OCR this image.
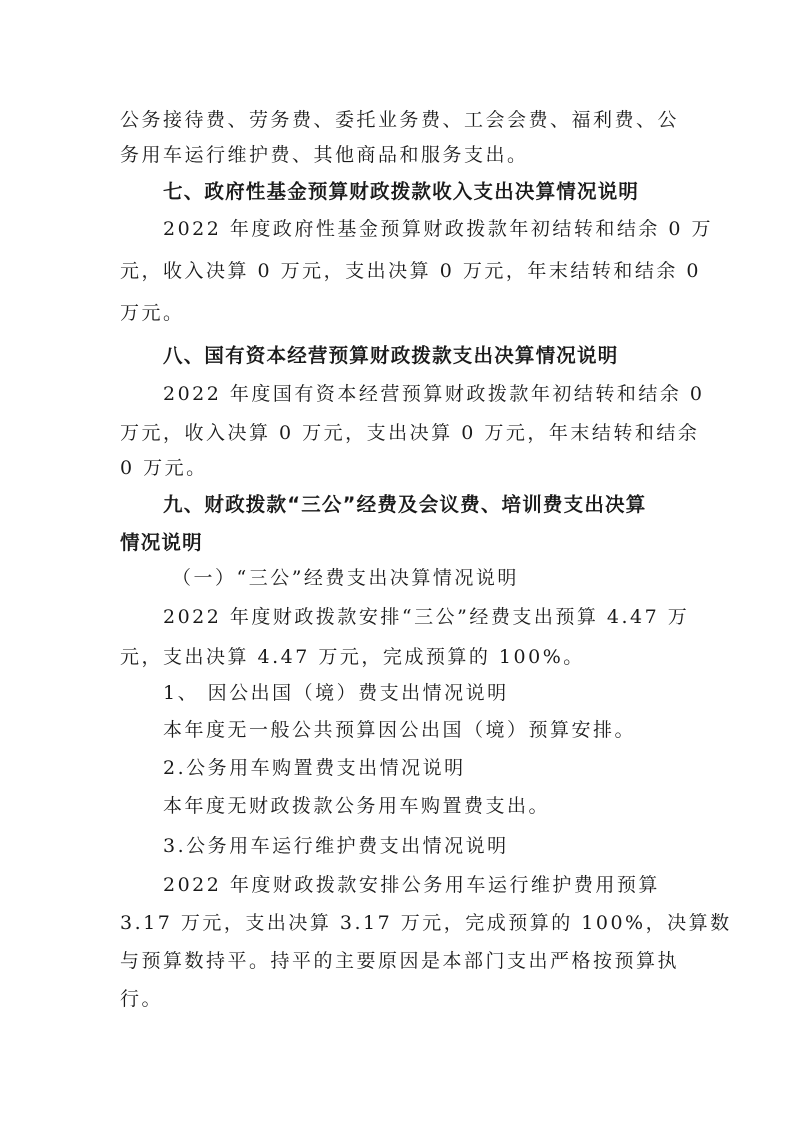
公务接待费、劳务费、委托业务费、工会会费、福利费、公
务用车运行维护费、其他商品和服务支出。
七、政府性基金预算财政拨款收入支出决算情况说明
2022 年度政府性基金预算财政拨款年初结转和结余 0 万
元，收入决算 0 万元，支出决算 0 万元，年末结转和结余 0
万元。
八、国有资本经营预算财政拨款支出决算情况说明
2022 年度国有资本经营预算财政拨款年初结转和结余 0
万元，收入决算 0 万元，支出决算 0 万元，年末结转和结余
0 万元。
九、财政拨款“三公”经费及会议费、培训费支出决算
情况说明
（一）“三公”经费支出决算情况说明
2022 年度财政拨款安排“三公”经费支出预算 4.47 万
元，支出决算 4.47 万元，完成预算的 100%。
1、 因公出国（境）费支出情况说明
本年度无一般公共预算因公出国（境）预算安排。
2.公务用车购置费支出情况说明
本年度无财政拨款公务用车购置费支出。
3.公务用车运行维护费支出情况说明
2022 年度财政拨款安排公务用车运行维护费用预算
3.17 万元，支出决算 3.17 万元，完成预算的 100%，决算数
与预算数持平。持平的主要原因是本部门支出严格按预算执
行。
